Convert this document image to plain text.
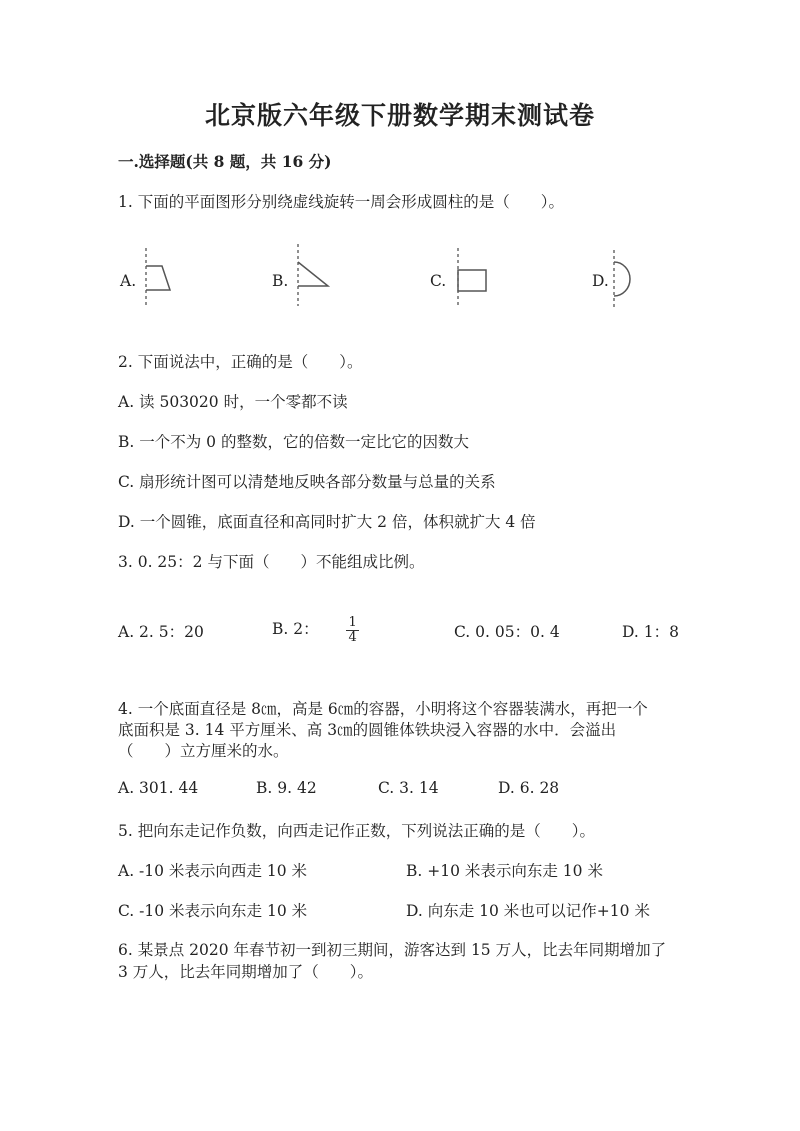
北京版六年级下册数学期末测试卷
一.选择题(共 8 题，共 16 分)
1. 下面的平面图形分别绕虚线旋转一周会形成圆柱的是（　　）。
A.	B.	C.	D.
2. 下面说法中，正确的是（　　）。
A. 读 503020 时，一个零都不读
B. 一个不为 0 的整数，它的倍数一定比它的因数大
C. 扇形统计图可以清楚地反映各部分数量与总量的关系
D. 一个圆锥，底面直径和高同时扩大 2 倍，体积就扩大 4 倍
3. 0. 25：2 与下面（　　）不能组成比例。
A. 2. 5：20	B. 2： $\frac{1}{4}$	C. 0. 05：0. 4	D. 1：8
4. 一个底面直径是 8㎝，高是 6㎝的容器，小明将这个容器装满水，再把一个
底面积是 3. 14 平方厘米、高 3㎝的圆锥体铁块浸入容器的水中．会溢出
（　　）立方厘米的水。
A. 301. 44	B. 9. 42	C. 3. 14	D. 6. 28
5. 把向东走记作负数，向西走记作正数，下列说法正确的是（　　）。
A. -10 米表示向西走 10 米	B. +10 米表示向东走 10 米
C. -10 米表示向东走 10 米	D. 向东走 10 米也可以记作+10 米
6. 某景点 2020 年春节初一到初三期间，游客达到 15 万人，比去年同期增加了
3 万人，比去年同期增加了（　　）。
